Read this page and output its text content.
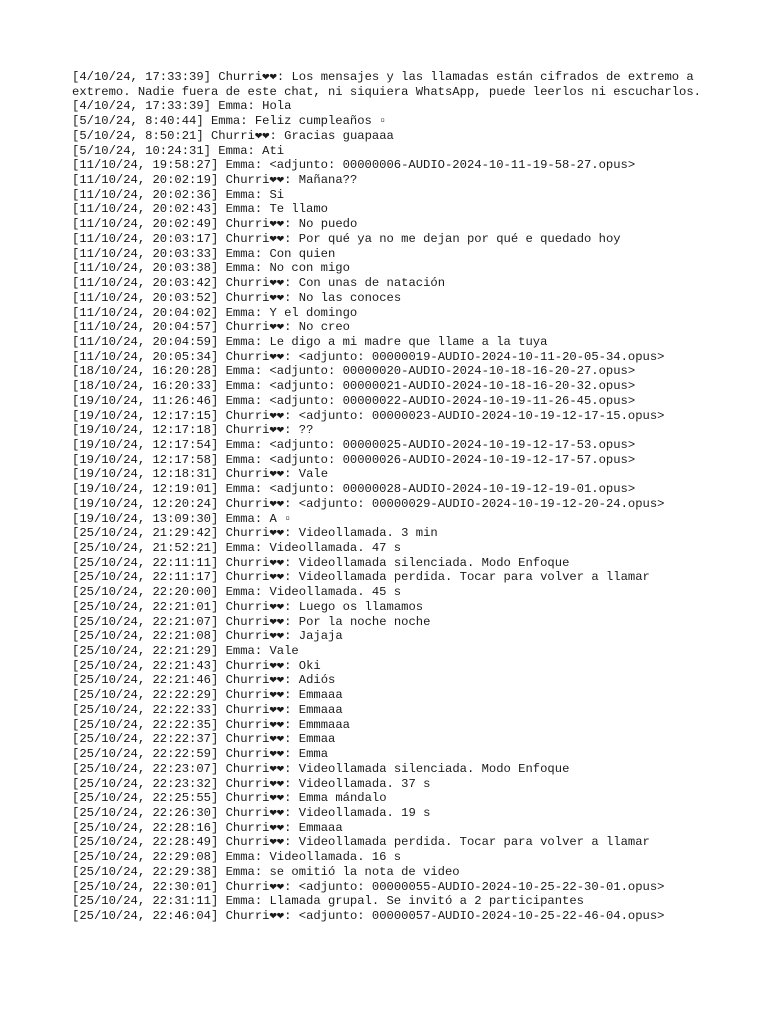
[4/10/24, 17:33:39] Churri❤❤: Los mensajes y las llamadas están cifrados de extremo a extremo. Nadie fuera de este chat, ni siquiera WhatsApp, puede leerlos ni escucharlos.
[4/10/24, 17:33:39] Emma: Hola
[5/10/24, 8:40:44] Emma: Feliz cumpleaños ▫
[5/10/24, 8:50:21] Churri❤❤: Gracias guapaaa
[5/10/24, 10:24:31] Emma: Ati
[11/10/24, 19:58:27] Emma: <adjunto: 00000006-AUDIO-2024-10-11-19-58-27.opus>
[11/10/24, 20:02:19] Churri❤❤: Mañana??
[11/10/24, 20:02:36] Emma: Si
[11/10/24, 20:02:43] Emma: Te llamo
[11/10/24, 20:02:49] Churri❤❤: No puedo
[11/10/24, 20:03:17] Churri❤❤: Por qué ya no me dejan por qué e quedado hoy
[11/10/24, 20:03:33] Emma: Con quien
[11/10/24, 20:03:38] Emma: No con migo
[11/10/24, 20:03:42] Churri❤❤: Con unas de natación
[11/10/24, 20:03:52] Churri❤❤: No las conoces
[11/10/24, 20:04:02] Emma: Y el domingo
[11/10/24, 20:04:57] Churri❤❤: No creo
[11/10/24, 20:04:59] Emma: Le digo a mi madre que llame a la tuya
[11/10/24, 20:05:34] Churri❤❤: <adjunto: 00000019-AUDIO-2024-10-11-20-05-34.opus>
[18/10/24, 16:20:28] Emma: <adjunto: 00000020-AUDIO-2024-10-18-16-20-27.opus>
[18/10/24, 16:20:33] Emma: <adjunto: 00000021-AUDIO-2024-10-18-16-20-32.opus>
[19/10/24, 11:26:46] Emma: <adjunto: 00000022-AUDIO-2024-10-19-11-26-45.opus>
[19/10/24, 12:17:15] Churri❤❤: <adjunto: 00000023-AUDIO-2024-10-19-12-17-15.opus>
[19/10/24, 12:17:18] Churri❤❤: ??
[19/10/24, 12:17:54] Emma: <adjunto: 00000025-AUDIO-2024-10-19-12-17-53.opus>
[19/10/24, 12:17:58] Emma: <adjunto: 00000026-AUDIO-2024-10-19-12-17-57.opus>
[19/10/24, 12:18:31] Churri❤❤: Vale
[19/10/24, 12:19:01] Emma: <adjunto: 00000028-AUDIO-2024-10-19-12-19-01.opus>
[19/10/24, 12:20:24] Churri❤❤: <adjunto: 00000029-AUDIO-2024-10-19-12-20-24.opus>
[19/10/24, 13:09:30] Emma: A ▫
[25/10/24, 21:29:42] Churri❤❤: Videollamada. 3 min
[25/10/24, 21:52:21] Emma: Videollamada. 47 s
[25/10/24, 22:11:11] Churri❤❤: Videollamada silenciada. Modo Enfoque
[25/10/24, 22:11:17] Churri❤❤: Videollamada perdida. Tocar para volver a llamar
[25/10/24, 22:20:00] Emma: Videollamada. 45 s
[25/10/24, 22:21:01] Churri❤❤: Luego os llamamos
[25/10/24, 22:21:07] Churri❤❤: Por la noche noche
[25/10/24, 22:21:08] Churri❤❤: Jajaja
[25/10/24, 22:21:29] Emma: Vale
[25/10/24, 22:21:43] Churri❤❤: Oki
[25/10/24, 22:21:46] Churri❤❤: Adiós
[25/10/24, 22:22:29] Churri❤❤: Emmaaa
[25/10/24, 22:22:33] Churri❤❤: Emmaaa
[25/10/24, 22:22:35] Churri❤❤: Emmmaaa
[25/10/24, 22:22:37] Churri❤❤: Emmaa
[25/10/24, 22:22:59] Churri❤❤: Emma
[25/10/24, 22:23:07] Churri❤❤: Videollamada silenciada. Modo Enfoque
[25/10/24, 22:23:32] Churri❤❤: Videollamada. 37 s
[25/10/24, 22:25:55] Churri❤❤: Emma mándalo
[25/10/24, 22:26:30] Churri❤❤: Videollamada. 19 s
[25/10/24, 22:28:16] Churri❤❤: Emmaaa
[25/10/24, 22:28:49] Churri❤❤: Videollamada perdida. Tocar para volver a llamar
[25/10/24, 22:29:08] Emma: Videollamada. 16 s
[25/10/24, 22:29:38] Emma: se omitió la nota de video
[25/10/24, 22:30:01] Churri❤❤: <adjunto: 00000055-AUDIO-2024-10-25-22-30-01.opus>
[25/10/24, 22:31:11] Emma: Llamada grupal. Se invitó a 2 participantes
[25/10/24, 22:46:04] Churri❤❤: <adjunto: 00000057-AUDIO-2024-10-25-22-46-04.opus>
